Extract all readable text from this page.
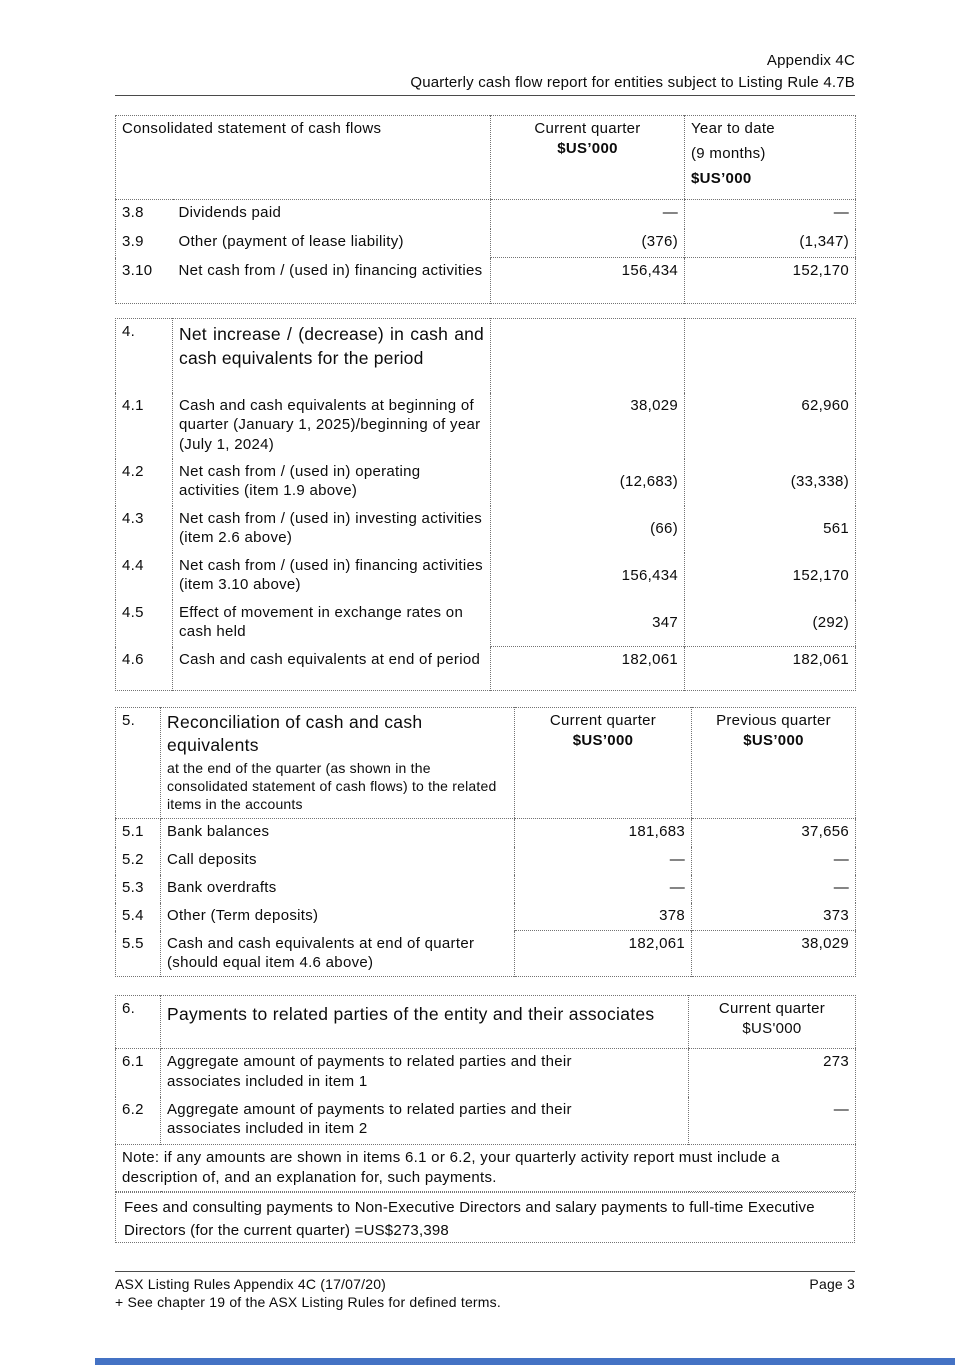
Appendix 4C
Quarterly cash flow report for entities subject to Listing Rule 4.7B
Consolidated statement of cash flows	Current quarter
$US’000

Year to date
(9 months)
$US’000

3.8	Dividends paid	—	—
3.9	Other (payment of lease liability)	(376)	(1,347)
3.10	Net cash from / (used in) financing activities	156,434	152,170
4.	Net increase / (decrease) in cash and cash equivalents for the period		

4.1	Cash and cash equivalents at beginning of quarter (January 1, 2025)/beginning of year (July 1, 2024)	38,029	62,960
4.2	Net cash from / (used in) operating activities (item 1.9 above)	(12,683)	(33,338)
4.3	Net cash from / (used in) investing activities (item 2.6 above)	(66)	561
4.4	Net cash from / (used in) financing activities (item 3.10 above)	156,434	152,170
4.5	Effect of movement in exchange rates on cash held	347	(292)
4.6	Cash and cash equivalents at end of period	182,061	182,061
5.	Reconciliation of cash and cash equivalents
at the end of the quarter (as shown in the consolidated statement of cash flows) to the related items in the accounts

Current quarter
$US’000

Previous quarter
$US’000

5.1	Bank balances	181,683	37,656
5.2	Call deposits	—	—
5.3	Bank overdrafts	—	—
5.4	Other (Term deposits)	378	373
5.5	Cash and cash equivalents at end of quarter (should equal item 4.6 above)	182,061	38,029
6.	Payments to related parties of the entity and their associates	Current quarter
$US'000

6.1	Aggregate amount of payments to related parties and their associates included in item 1	273
6.2	Aggregate amount of payments to related parties and their associates included in item 2	—
Note: if any amounts are shown in items 6.1 or 6.2, your quarterly activity report must include a description of, and an explanation for, such payments.		
Fees and consulting payments to Non-Executive Directors and salary payments to full-time Executive Directors (for the current quarter) =US$273,398
ASX Listing Rules Appendix 4C (17/07/20)	Page 3
+ See chapter 19 of the ASX Listing Rules for defined terms.
